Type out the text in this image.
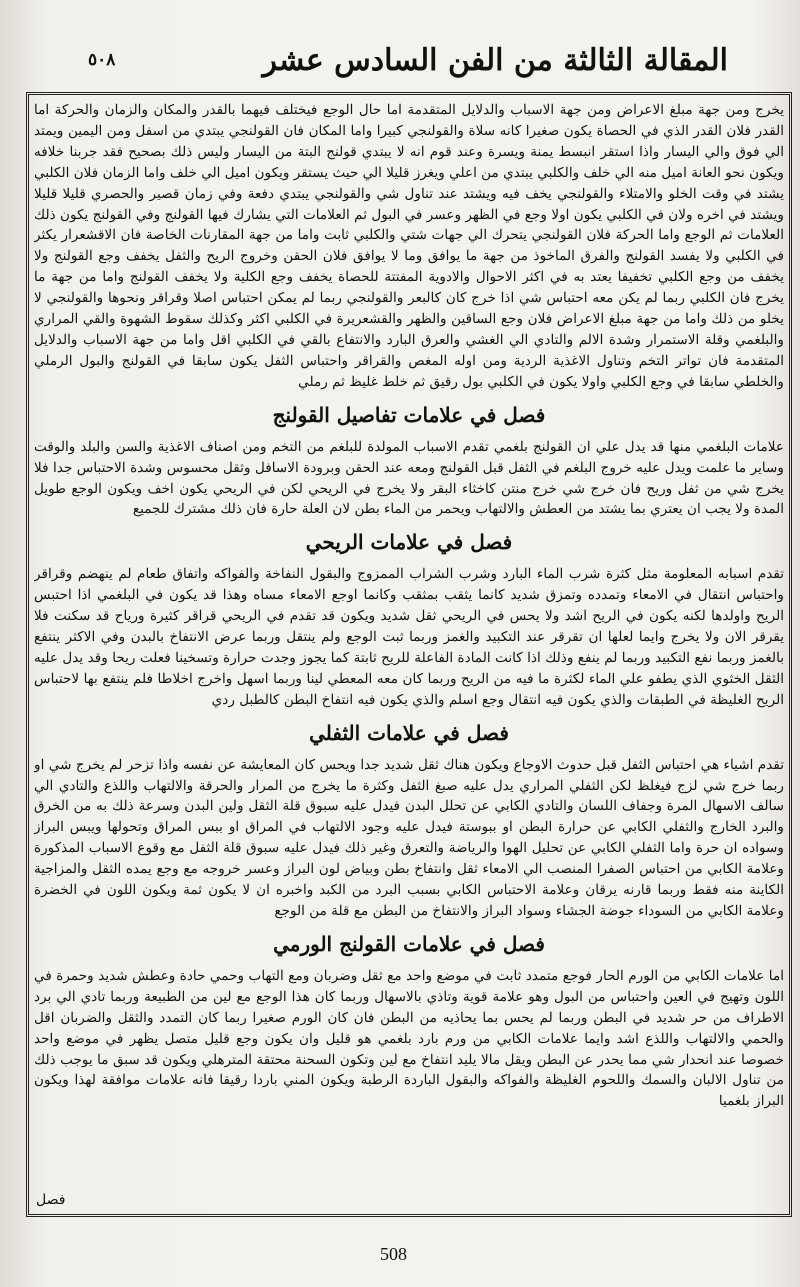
المقالة الثالثة من الفن السادس عشر
٥٠٨

يخرج ومن جهة مبلغ الاعراض ومن جهة الاسباب والدلايل المتقدمة اما حال الوجع فيختلف فيهما بالقدر والمكان والزمان والحركة اما القدر فلان القدر الذي في الحصاة يكون صغيرا كانه سلاة والقولنجي كبيرا واما المكان فان القولنجي يبتدي من اسفل ومن اليمين ويمتد الي فوق والي اليسار واذا استقر انبسط يمنة ويسرة وعند قوم انه لا يبتدي قولنج البتة من اليسار وليس ذلك بصحيح فقد جربنا خلافه ويكون نحو العانة اميل منه الي خلف والكلبي يبتدي من اعلي ويغرز قليلا الي حيث يستقر ويكون اميل الي خلف واما الزمان فلان الكلبي يشتد في وقت الخلو والامتلاء والقولنجي يخف فيه ويشتد عند تناول شي والقولنجي يبتدي دفعة وفي زمان قصير والحصري قليلا قليلا ويشتد في اخره ولان في الكلبي يكون اولا وجع في الظهر وعسر في البول ثم العلامات التي يشارك فيها القولنج وفي القولنج يكون ذلك العلامات ثم الوجع واما الحركة فلان القولنجي يتحرك الي جهات شتي والكلبي ثابت واما من جهة المقارنات الخاصة فان الاقشعرار يكثر في الكلبي ولا يفسد القولنج والفرق الماخوذ من جهة ما يوافق وما لا يوافق فلان الحقن وخروج الريح والثفل يخفف وجع القولنج ولا يخفف من وجع الكلبي تخفيفا يعتد به في اكثر الاحوال والادوية المفتتة للحصاة يخفف وجع الكلية ولا يخفف القولنج واما من جهة ما يخرج فان الكلبي ربما لم يكن معه احتباس شي اذا خرج كان كالبعر والقولنجي ربما لم يمكن احتباس اصلا وقراقر ونحوها والقولنجي لا يخلو من ذلك واما من جهة مبلغ الاعراض فلان وجع الساقين والظهر والقشعريرة في الكلبي اكثر وكذلك سقوط الشهوة والقي المراري والبلغمي وقلة الاستمرار وشدة الالم والتادي الي الغشي والعرق البارد والانتفاع بالقي في الكلبي اقل واما من جهة الاسباب والدلايل المتقدمة فان تواتر التخم وتناول الاغذية الردية ومن اوله المغص والقراقر واحتباس الثفل يكون سابقا في القولنج والبول الرملي والخلطي سابقا في وجع الكلبي واولا يكون في الكلبي بول رقيق ثم خلط غليظ ثم رملي

فصل في علامات تفاصيل القولنج

علامات البلغمي منها قد يدل علي ان القولنج بلغمي تقدم الاسباب المولدة للبلغم من التخم ومن اصناف الاغذية والسن والبلد والوقت وساير ما علمت ويدل عليه خروج البلغم في الثفل قبل القولنج ومعه عند الحقن وبرودة الاسافل وثقل محسوس وشدة الاحتباس جدا فلا يخرج شي من ثفل وريح فان خرج شي خرج منتن كاخثاء البقر ولا يخرج في الريحي لكن في الريحي يكون اخف ويكون الوجع طويل المدة ولا يجب ان يعتري بما يشتد من العطش والالتهاب ويحمر من الماء بطن لان العلة حارة فان ذلك مشترك للجميع

فصل في علامات الريحي

تقدم اسبابه المعلومة مثل كثرة شرب الماء البارد وشرب الشراب الممزوج والبقول النفاخة والفواكه واتفاق طعام لم ينهضم وقراقر واحتباس انتقال في الامعاء وتمدده وتمزق شديد كانما يثقب بمثقب وكانما اوجع الامعاء مساه وهذا قد يكون في البلغمي اذا احتبس الريح واولدها لكنه يكون في الريح اشد ولا يحس في الريحي ثقل شديد ويكون قد تقدم في الريحي قراقر كثيرة ورياح قد سكنت فلا يقرقر الان ولا يخرج وايما لعلها ان تقرقر عند التكبيد والغمز وربما ثبت الوجع ولم ينتقل وربما عرض الانتفاخ بالبدن وفي الاكثر ينتفع بالغمز وربما نفع التكبيد وربما لم ينفع وذلك اذا كانت المادة الفاعلة للريح ثابتة كما يجوز وجدت حرارة وتسخينا فعلت ريحا وقد يدل عليه الثقل الخثوي الذي يطفو علي الماء لكثرة ما فيه من الريح وربما كان معه المعطي لينا وربما اسهل واخرج اخلاطا فلم ينتفع بها لاحتباس الريح الغليظة في الطبقات والذي يكون فيه انتقال وجع اسلم والذي يكون فيه انتفاخ البطن كالطبل ردي

فصل في علامات الثفلي

تقدم اشياء هي احتباس الثفل قبل حدوث الاوجاع ويكون هناك ثقل شديد جدا ويحس كان المعايشة عن نفسه واذا تزحر لم يخرج شي او ربما خرج شي لزج فيغلظ لكن الثفلي المراري يدل عليه صبغ الثفل وكثرة ما يخرج من المرار والحرقة والالتهاب واللذع والتادي الي سالف الاسهال المرة وجفاف اللسان والتادي الكابي عن تحلل البدن فيدل عليه سبوق قلة الثقل ولين البدن وسرعة ذلك به من الخرق والبرد الخارج والثفلي الكابي عن حرارة البطن او ببوستة فيدل عليه وجود الالتهاب في المراق او ببس المراق وتحولها ويبس البراز وسواده ان حرة واما الثفلي الكابي عن تحليل الهوا والرياضة والتعرق وغير ذلك فيدل عليه سبوق قلة الثفل مع وقوع الاسباب المذكورة وعلامة الكابي من احتباس الصفرا المنصب الي الامعاء ثقل وانتفاخ بطن وبياض لون البراز وعسر خروجه مع وجع يمده الثقل والمزاجية الكاينة منه فقط وربما قارنه يرقان وعلامة الاحتباس الكابي بسبب البرد من الكبد واخبره ان لا يكون ثمة ويكون اللون في الخضرة وعلامة الكابي من السوداء جوضة الجشاء وسواد البراز والانتفاخ من البطن مع قلة من الوجع

فصل في علامات القولنج الورمي

اما علامات الكابي من الورم الحار فوجع متمدد ثابت في موضع واحد مع ثقل وضربان ومع التهاب وحمي حادة وعطش شديد وحمرة في اللون وتهيج في العين واحتباس من البول وهو علامة قوية وتاذي بالاسهال وربما كان هذا الوجع مع لين من الطبيعة وربما تادي الي برد الاطراف من حر شديد في البطن وربما لم يحس بما يحاذيه من البطن فان كان الورم صغيرا ربما كان التمدد والثقل والضربان اقل والحمي والالتهاب واللذع اشد وايما علامات الكابي من ورم بارد بلغمي هو قليل وان يكون وجع قليل متصل يظهر في موضع واحد خصوصا عند انحدار شي مما يحدر عن البطن ويقل مالا يليد انتفاخ مع لين وتكون السحنة محتقة المترهلي ويكون قد سبق ما يوجب ذلك من تناول الالبان والسمك واللحوم الغليظة والفواكه والبقول الباردة الرطبة ويكون المني باردا رقيقا فانه علامات موافقة لهذا ويكون البراز بلغميا

فصل
508
